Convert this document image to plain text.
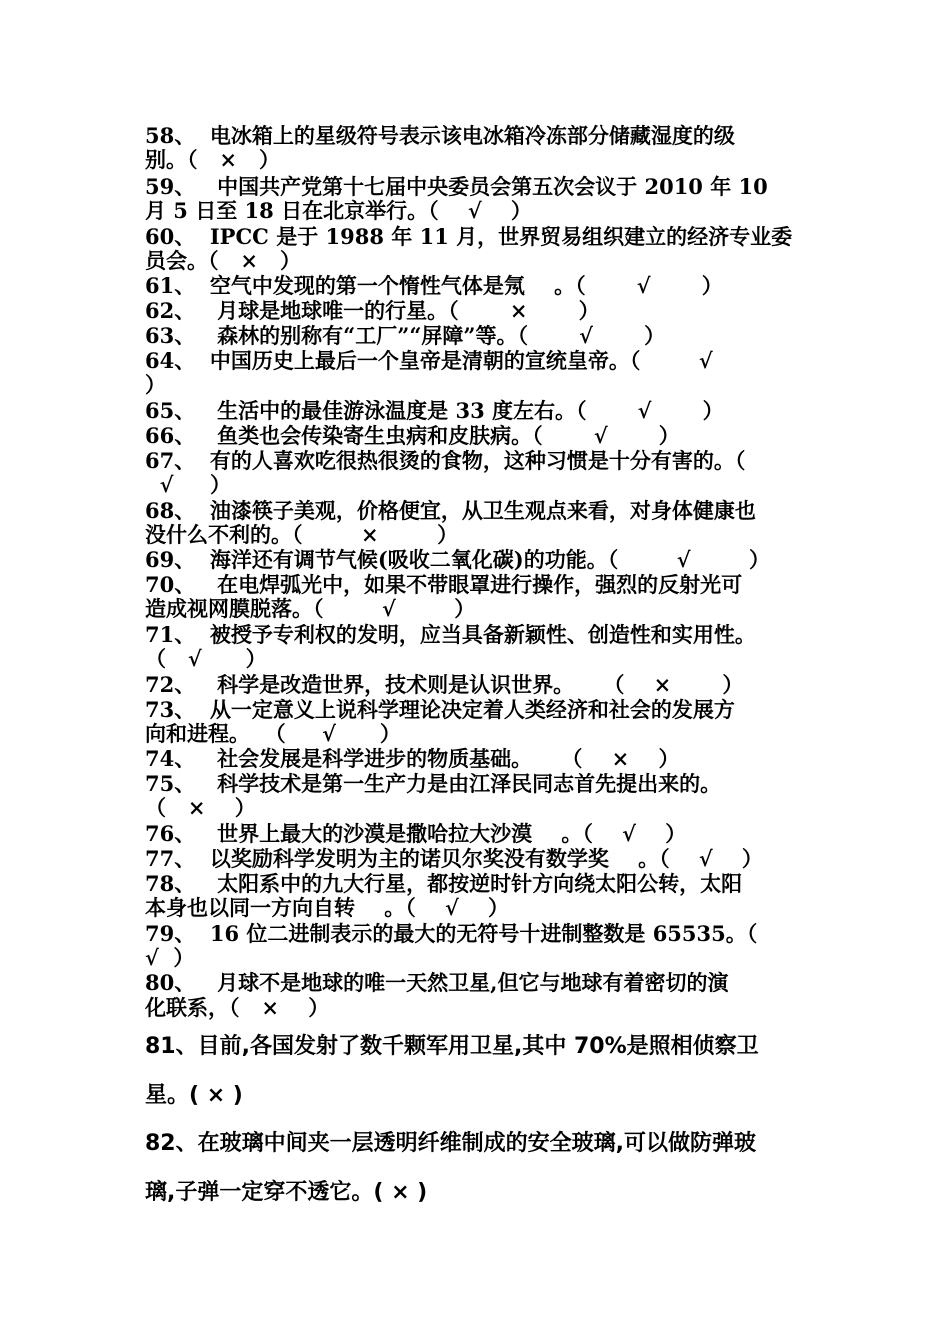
58、  电冰箱上的星级符号表示该电冰箱冷冻部分储藏湿度的级
别。（   ×   ）
59、   中国共产党第十七届中央委员会第五次会议于 2010 年 10
月 5 日至 18 日在北京举行。（    √    ）
60、  IPCC 是于 1988 年 11 月，世界贸易组织建立的经济专业委
员会。（   ×   ）
61、  空气中发现的第一个惰性气体是氖    。（       √       ）
62、   月球是地球唯一的行星。（       ×       ）
63、   森林的别称有“工厂”“屏障”等。（       √       ）
64、  中国历史上最后一个皇帝是清朝的宣统皇帝。（        √
）
65、   生活中的最佳游泳温度是 33 度左右。（       √       ）
66、   鱼类也会传染寄生虫病和皮肤病。（       √       ）
67、  有的人喜欢吃很热很烫的食物，这种习惯是十分有害的。（
√     ）
68、  油漆筷子美观，价格便宜，从卫生观点来看，对身体健康也
没什么不利的。（        ×        ）
69、  海洋还有调节气候(吸收二氧化碳)的功能。（        √        ）
70、   在电焊弧光中，如果不带眼罩进行操作，强烈的反射光可
造成视网膜脱落。（        √        ）
71、  被授予专利权的发明，应当具备新颖性、创造性和实用性。
（   √      ）
72、   科学是改造世界，技术则是认识世界。    （    ×       ）
73、  从一定意义上说科学理论决定着人类经济和社会的发展方
向和进程。  （     √      ）
74、   社会发展是科学进步的物质基础。    （    ×    ）
75、   科学技术是第一生产力是由江泽民同志首先提出来的。
（   ×    ）
76、   世界上最大的沙漠是撒哈拉大沙漠    。（    √    ）
77、  以奖励科学发明为主的诺贝尔奖没有数学奖    。（    √    ）
78、   太阳系中的九大行星，都按逆时针方向绕太阳公转，太阳
本身也以同一方向自转    。（    √    ）
79、  16 位二进制表示的最大的无符号十进制整数是 65535。（
√  ）
80、   月球不是地球的唯一天然卫星,但它与地球有着密切的演
化联系，（   ×    ）
81、目前,各国发射了数千颗军用卫星,其中 70%是照相侦察卫
星。( × )
82、在玻璃中间夹一层透明纤维制成的安全玻璃,可以做防弹玻
璃,子弹一定穿不透它。( × )
